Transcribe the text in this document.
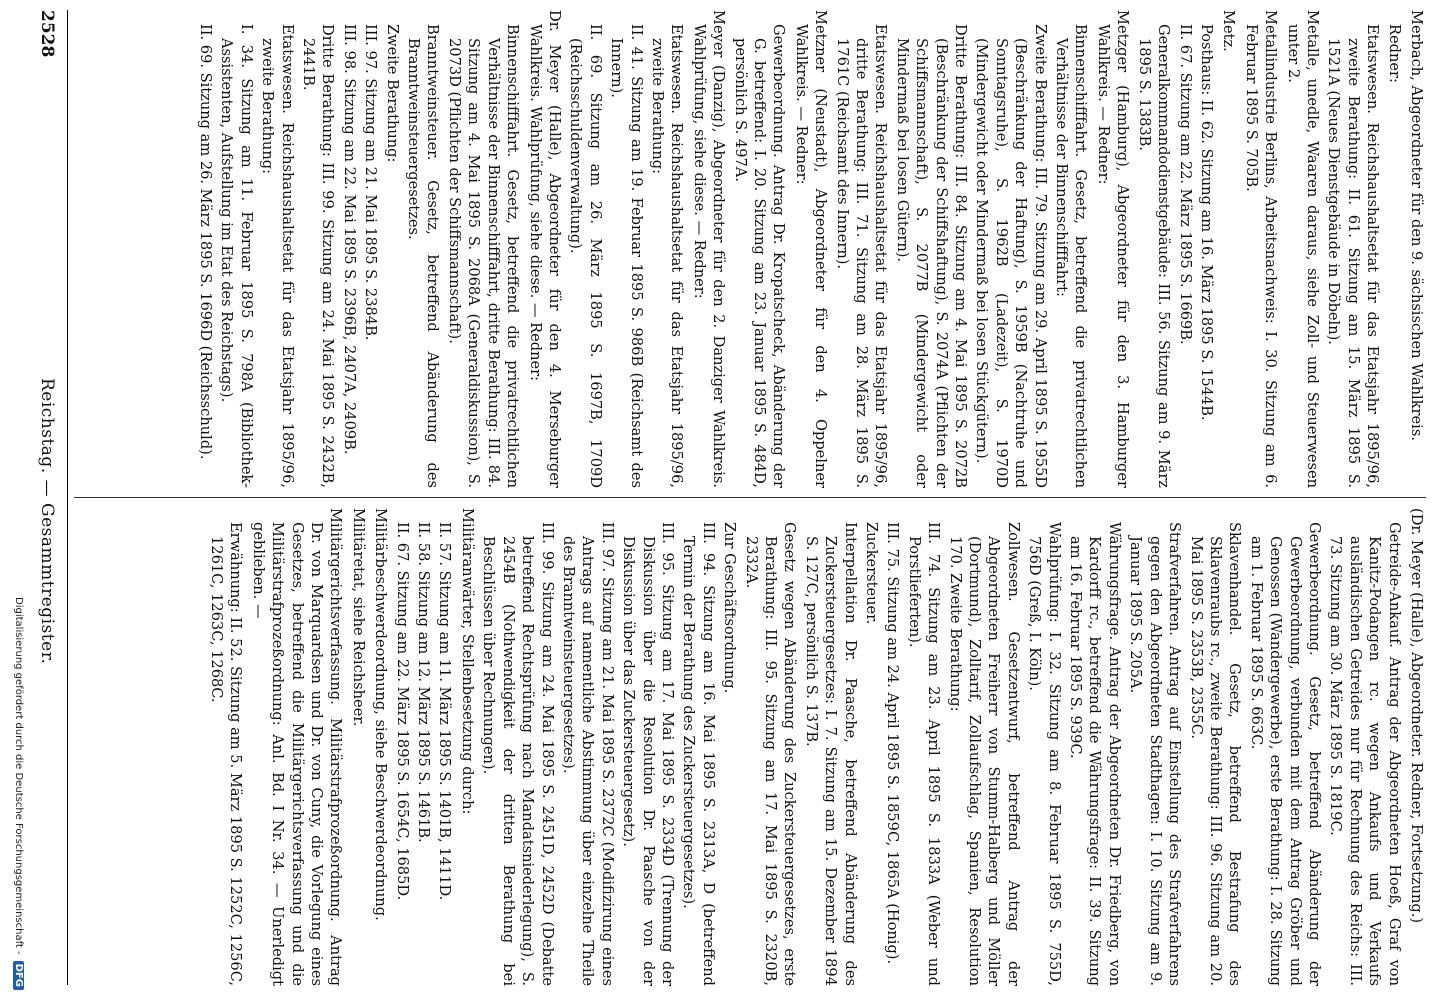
Merbach, Abgeordneter für den 9. sächsischen Wahlkreis.

Redner:

Etatswesen. Reichshaushaltsetat für das Etatsjahr 1895/96, zweite Berathung: II. 61. Sitzung am 15. März 1895 S. 1521A (Neues Dienstgebäude in Döbeln).

Metalle, unedle, Waaren daraus, siehe Zoll- und Steuerwesen unter 2.

Metallindustrie Berlins, Arbeitsnachweis: I. 30. Sitzung am 6. Februar 1895 S. 705B.

Metz.

Posthaus: II. 62. Sitzung am 16. März 1895 S. 1544B.

II. 67. Sitzung am 22. März 1895 S. 1669B.

Generalkommandodienstgebäude: III. 56. Sitzung am 9. März 1895 S. 1383B.

Metzger (Hamburg), Abgeordneter für den 3. Hamburger Wahlkreis. — Redner:

Binnenschifffahrt. Gesetz, betreffend die privatrechtlichen Verhältnisse der Binnenschifffahrt:

Zweite Berathung: III. 79. Sitzung am 29. April 1895 S. 1955D (Beschränkung der Haftung), S. 1959B (Nachtruhe und Sonntagsruhe), S. 1962B (Ladezeit), S. 1970D (Mindergewicht oder Mindermaß bei losen Stückgütern).

Dritte Berathung: III. 84. Sitzung am 4. Mai 1895 S. 2072B (Beschränkung der Schiffshaftung), S. 2074A (Pflichten der Schiffsmannschaft), S. 2077B (Mindergewicht oder Mindermaß bei losen Gütern).

Etatswesen. Reichshaushaltsetat für das Etatsjahr 1895/96, dritte Berathung: III. 71. Sitzung am 28. März 1895 S. 1761C (Reichsamt des Innern).

Metzner (Neustadt), Abgeordneter für den 4. Oppelner Wahlkreis. — Redner:

Gewerbeordnung. Antrag Dr. Kropatscheck, Abänderung der G. betreffend: I. 20. Sitzung am 23. Januar 1895 S. 484D, persönlich S. 497A.

Meyer (Danzig), Abgeordneter für den 2. Danziger Wahlkreis. Wahlprüfung, siehe diese. — Redner:

Etatswesen. Reichshaushaltsetat für das Etatsjahr 1895/96, zweite Berathung:

II. 41. Sitzung am 19. Februar 1895 S. 986B (Reichsamt des Innern).

II. 69. Sitzung am 26. März 1895 S. 1697B, 1709D (Reichsschuldenverwaltung).

Dr. Meyer (Halle), Abgeordneter für den 4. Merseburger Wahlkreis. Wahlprüfung, siehe diese. — Redner:

Binnenschifffahrt. Gesetz, betreffend die privatrechtlichen Verhältnisse der Binnenschifffahrt, dritte Berathung: III. 84. Sitzung am 4. Mai 1895 S. 2068A (Generaldiskussion), S. 2073D (Pflichten der Schiffsmannschaft).

Branntweinsteuer. Gesetz, betreffend Abänderung des Branntweinsteuergesetzes.

Zweite Berathung:

III. 97. Sitzung am 21. Mai 1895 S. 2384B.

III. 98. Sitzung am 22. Mai 1895 S. 2396B, 2407A, 2409B.

Dritte Berathung: III. 99. Sitzung am 24. Mai 1895 S. 2432B, 2441B.

Etatswesen. Reichshaushaltsetat für das Etatsjahr 1895/96, zweite Berathung:

I. 34. Sitzung am 11. Februar 1895 S. 798A (Bibliothek-Assistenten, Aufstellung im Etat des Reichstags).

II. 69. Sitzung am 26. März 1895 S. 1696D (Reichsschuld).

(Dr. Meyer (Halle), Abgeordneter. Redner, Fortsetzung.)

Getreide-Ankauf. Antrag der Abgeordneten Hoeß, Graf von Kanitz-Podangen rc. wegen Ankaufs und Verkaufs ausländischen Getreides nur für Rechnung des Reichs: III. 73. Sitzung am 30. März 1895 S. 1819C.

Gewerbeordnung. Gesetz, betreffend Abänderung der Gewerbeordnung, verbunden mit dem Antrag Gröber und Genossen (Wandergewerbe), erste Berathung: I. 28. Sitzung am 1. Februar 1895 S. 663C.

Sklavenhandel. Gesetz, betreffend Bestrafung des Sklavenraubs rc., zweite Berathung: III. 96. Sitzung am 20. Mai 1895 S. 2353B, 2355C.

Strafverfahren. Antrag auf Einstellung des Strafverfahrens gegen den Abgeordneten Stadthagen: I. 10. Sitzung am 9. Januar 1895 S. 205A.

Währungsfrage. Antrag der Abgeordneten Dr. Friedberg, von Kardorff rc., betreffend die Währungsfrage: II. 39. Sitzung am 16. Februar 1895 S. 939C.

Wahlprüfung: I. 32. Sitzung am 8. Februar 1895 S. 755D, 756D (Greß, I. Köln).

Zollwesen. Gesetzentwurf, betreffend Antrag der Abgeordneten Freiherr von Stumm-Halberg und Möller (Dortmund), Zolltarif, Zollaufschlag, Spanien, Resolution 170. Zweite Berathung:

III. 74. Sitzung am 23. April 1895 S. 1833A (Weber und Porstlieferten).

III. 75. Sitzung am 24. April 1895 S. 1859C, 1865A (Honig).

Zuckersteuer.

Interpellation Dr. Paasche, betreffend Abänderung des Zuckersteuergesetzes: I. 7. Sitzung am 15. Dezember 1894 S. 127C, persönlich S. 137B.

Gesetz wegen Abänderung des Zuckersteuergesetzes, erste Berathung: III. 95. Sitzung am 17. Mai 1895 S. 2320B, 2332A.

Zur Geschäftsordnung.

III. 94. Sitzung am 16. Mai 1895 S. 2313A, D (betreffend Termin der Berathung des Zuckersteuergesetzes).

III. 95. Sitzung am 17. Mai 1895 S. 2334D (Trennung der Diskussion über die Resolution Dr. Paasche von der Diskussion über das Zuckersteuergesetz).

III. 97. Sitzung am 21. Mai 1895 S. 2372C (Modifizirung eines Antrags auf namentliche Abstimmung über einzelne Theile des Branntweinsteuergesetzes).

III. 99. Sitzung am 24. Mai 1895 S. 2451D, 2452D (Debatte betreffend Rechtsprüfung nach Mandatsniederlegung), S. 2454B (Nothwendigkeit der dritten Berathung bei Beschlüssen über Rechnungen).

Militäranwärter, Stellenbesetzung durch:

II. 57. Sitzung am 11. März 1895 S. 1401B, 1411D.

II. 58. Sitzung am 12. März 1895 S. 1461B.

II. 67. Sitzung am 22. März 1895 S. 1654C, 1685D.

Militärbeschwerdeordnung, siehe Beschwerdeordnung.

Militäretat, siehe Reichsheer.

Militärgerichtsverfassung. Militärstrafprozeßordnung. Antrag Dr. von Marquardsen und Dr. von Cuny, die Vorlegung eines Gesetzes, betreffend die Militärgerichtsverfassung und die Militärstrafprozeßordnung: Anl. Bd. I Nr. 34. — Unerledigt geblieben. —

Erwähnung: II. 52. Sitzung am 5. März 1895 S. 1252C, 1256C, 1261C, 1263C, 1268C.

2528
Reichstag. — Gesammtregister.
Digitalisierung gefördert durch die Deutsche Forschungsgemeinschaft -DFG
